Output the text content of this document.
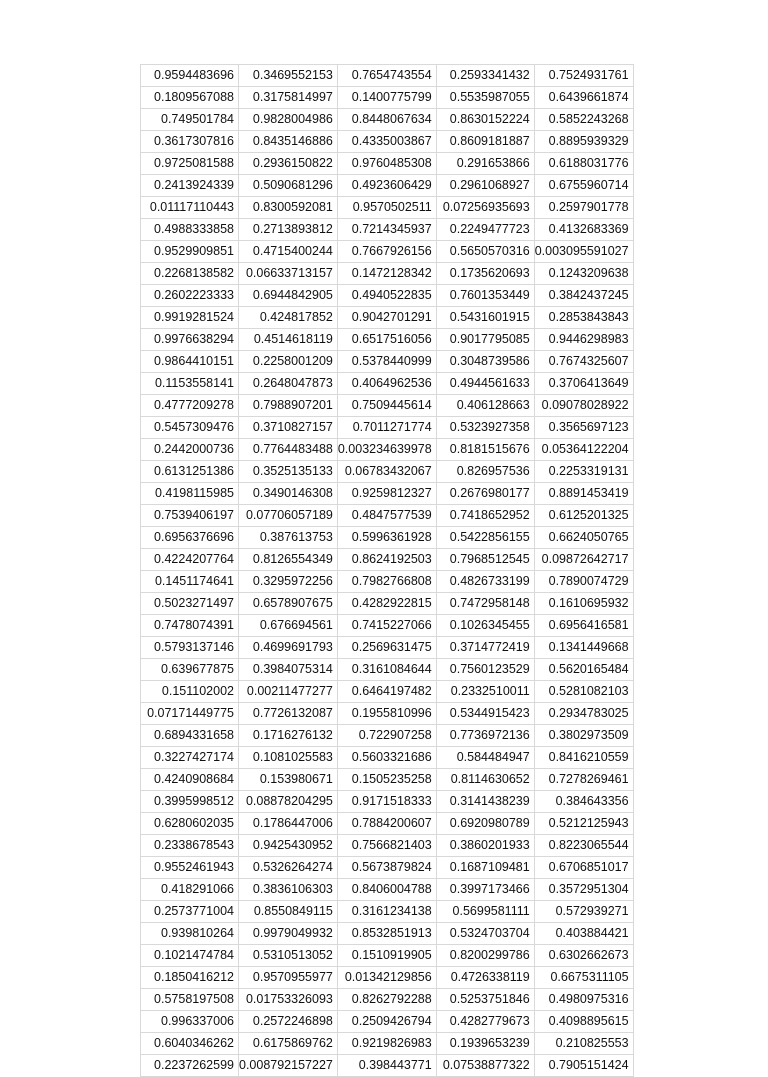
0.9594483696	0.3469552153	0.7654743554	0.2593341432	0.7524931761
0.1809567088	0.3175814997	0.1400775799	0.5535987055	0.6439661874
0.749501784	0.9828004986	0.8448067634	0.8630152224	0.5852243268
0.3617307816	0.8435146886	0.4335003867	0.8609181887	0.8895939329
0.9725081588	0.2936150822	0.9760485308	0.291653866	0.6188031776
0.2413924339	0.5090681296	0.4923606429	0.2961068927	0.6755960714
0.01117110443	0.8300592081	0.9570502511	0.07256935693	0.2597901778
0.4988333858	0.2713893812	0.7214345937	0.2249477723	0.4132683369
0.9529909851	0.4715400244	0.7667926156	0.5650570316	0.003095591027
0.2268138582	0.06633713157	0.1472128342	0.1735620693	0.1243209638
0.2602223333	0.6944842905	0.4940522835	0.7601353449	0.3842437245
0.9919281524	0.424817852	0.9042701291	0.5431601915	0.2853843843
0.9976638294	0.4514618119	0.6517516056	0.9017795085	0.9446298983
0.9864410151	0.2258001209	0.5378440999	0.3048739586	0.7674325607
0.1153558141	0.2648047873	0.4064962536	0.4944561633	0.3706413649
0.4777209278	0.7988907201	0.7509445614	0.406128663	0.09078028922
0.5457309476	0.3710827157	0.7011271774	0.5323927358	0.3565697123
0.2442000736	0.7764483488	0.003234639978	0.8181515676	0.05364122204
0.6131251386	0.3525135133	0.06783432067	0.826957536	0.2253319131
0.4198115985	0.3490146308	0.9259812327	0.2676980177	0.8891453419
0.7539406197	0.07706057189	0.4847577539	0.7418652952	0.6125201325
0.6956376696	0.387613753	0.5996361928	0.5422856155	0.6624050765
0.4224207764	0.8126554349	0.8624192503	0.7968512545	0.09872642717
0.1451174641	0.3295972256	0.7982766808	0.4826733199	0.7890074729
0.5023271497	0.6578907675	0.4282922815	0.7472958148	0.1610695932
0.7478074391	0.676694561	0.7415227066	0.1026345455	0.6956416581
0.5793137146	0.4699691793	0.2569631475	0.3714772419	0.1341449668
0.639677875	0.3984075314	0.3161084644	0.7560123529	0.5620165484
0.151102002	0.00211477277	0.6464197482	0.2332510011	0.5281082103
0.07171449775	0.7726132087	0.1955810996	0.5344915423	0.2934783025
0.6894331658	0.1716276132	0.722907258	0.7736972136	0.3802973509
0.3227427174	0.1081025583	0.5603321686	0.584484947	0.8416210559
0.4240908684	0.153980671	0.1505235258	0.8114630652	0.7278269461
0.3995998512	0.08878204295	0.9171518333	0.3141438239	0.384643356
0.6280602035	0.1786447006	0.7884200607	0.6920980789	0.5212125943
0.2338678543	0.9425430952	0.7566821403	0.3860201933	0.8223065544
0.9552461943	0.5326264274	0.5673879824	0.1687109481	0.6706851017
0.418291066	0.3836106303	0.8406004788	0.3997173466	0.3572951304
0.2573771004	0.8550849115	0.3161234138	0.5699581111	0.572939271
0.939810264	0.9979049932	0.8532851913	0.5324703704	0.403884421
0.1021474784	0.5310513052	0.1510919905	0.8200299786	0.6302662673
0.1850416212	0.9570955977	0.01342129856	0.4726338119	0.6675311105
0.5758197508	0.01753326093	0.8262792288	0.5253751846	0.4980975316
0.996337006	0.2572246898	0.2509426794	0.4282779673	0.4098895615
0.6040346262	0.6175869762	0.9219826983	0.1939653239	0.210825553
0.2237262599	0.008792157227	0.398443771	0.07538877322	0.7905151424
